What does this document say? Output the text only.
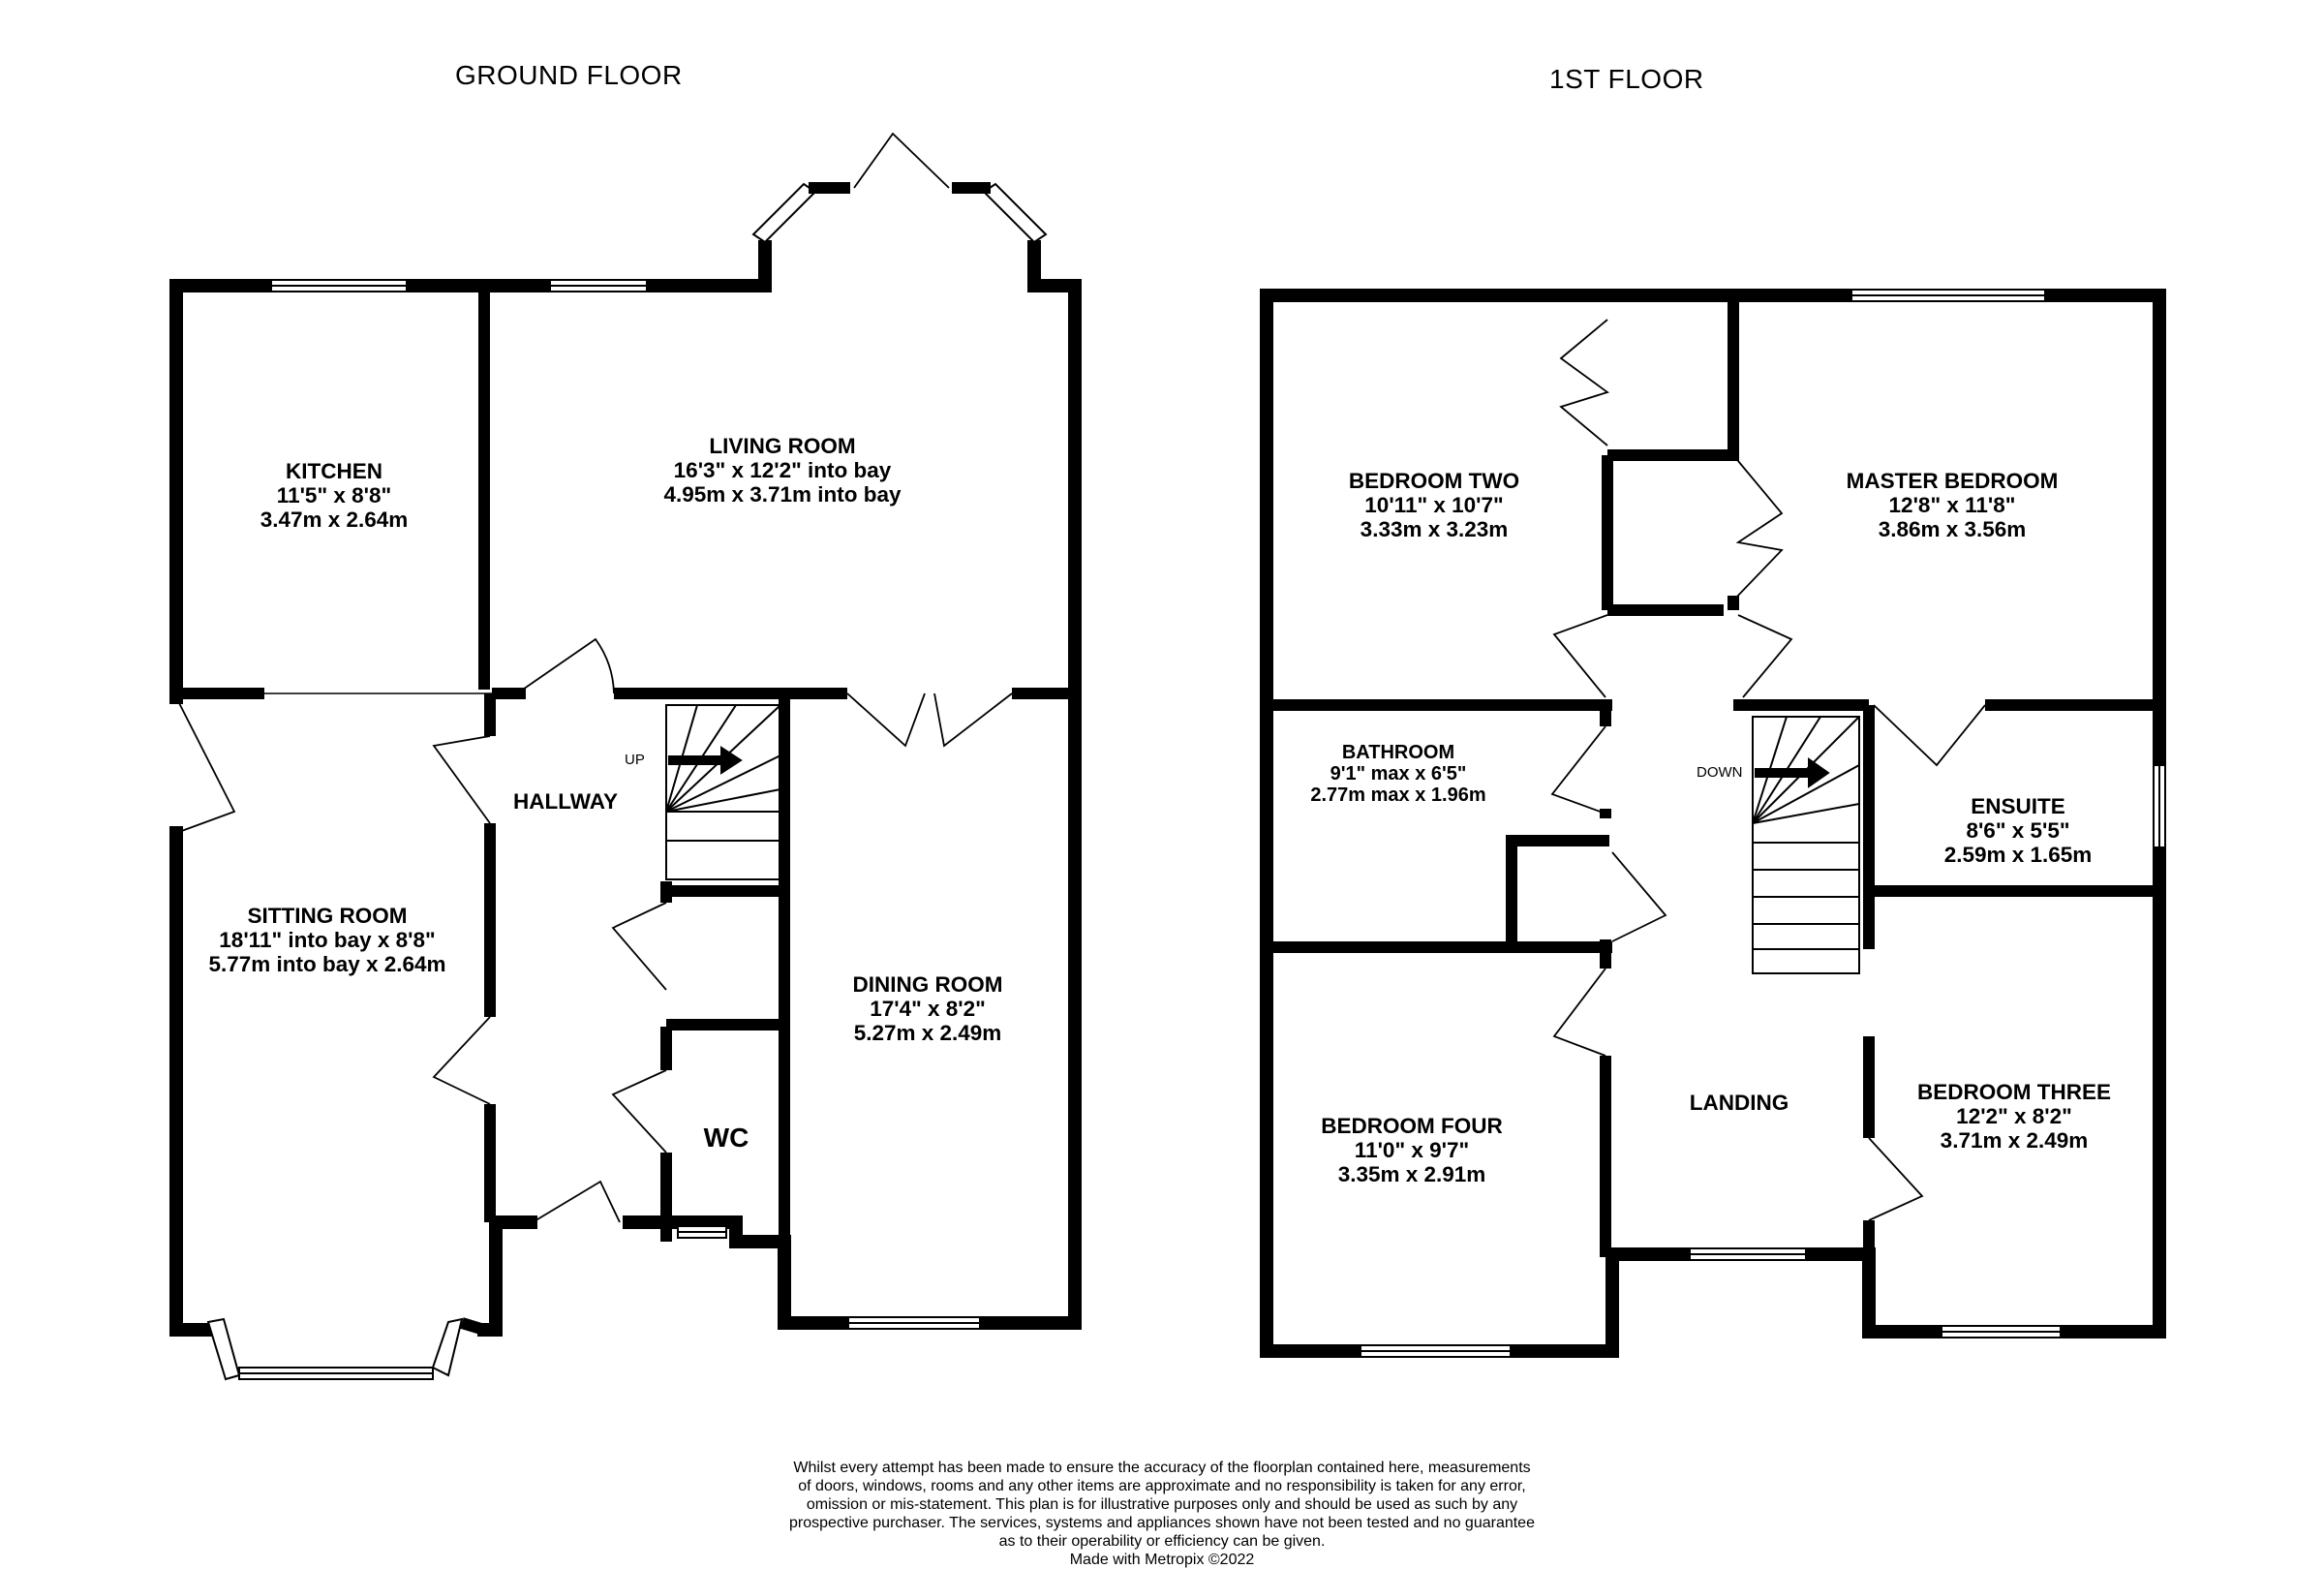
GROUND FLOOR	1ST FLOOR
KITCHEN
11'5" x 8'8"
3.47m x 2.64m
LIVING ROOM
16'3" x 12'2" into bay
4.95m x 3.71m into bay
HALLWAY
SITTING ROOM
18'11" into bay x 8'8"
5.77m into bay x 2.64m
DINING ROOM
17'4" x 8'2"
5.27m x 2.49m
WC
UP
BEDROOM TWO
10'11" x 10'7"
3.33m x 3.23m
MASTER BEDROOM
12'8" x 11'8"
3.86m x 3.56m
BATHROOM
9'1" max x 6'5"
2.77m max x 1.96m	ENSUITE
8'6" x 5'5"
2.59m x 1.65m
LANDING
BEDROOM FOUR
11'0" x 9'7"
3.35m x 2.91m
BEDROOM THREE
12'2" x 8'2"
3.71m x 2.49m
DOWN
Whilst every attempt has been made to ensure the accuracy of the floorplan contained here, measurements
of doors, windows, rooms and any other items are approximate and no responsibility is taken for any error,
omission or mis-statement. This plan is for illustrative purposes only and should be used as such by any
prospective purchaser. The services, systems and appliances shown have not been tested and no guarantee
as to their operability or efficiency can be given.
Made with Metropix ©2022
